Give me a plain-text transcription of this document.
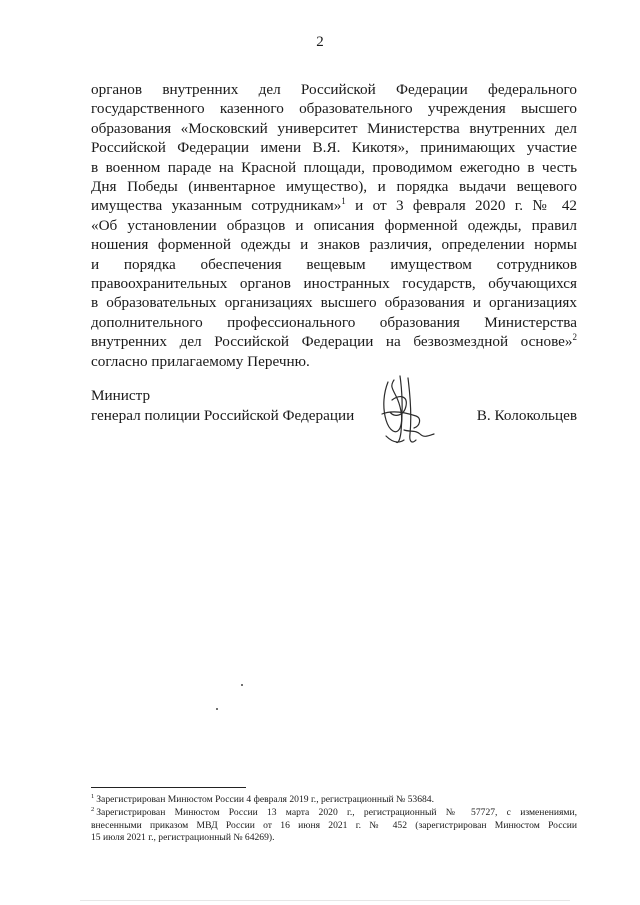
2
органов внутренних дел Российской Федерации федерального
государственного казенного образовательного учреждения высшего
образования «Московский университет Министерства внутренних дел
Российской Федерации имени В.Я. Кикотя», принимающих участие
в военном параде на Красной площади, проводимом ежегодно в честь
Дня Победы (инвентарное имущество), и порядка выдачи вещевого
имущества указанным сотрудникам»$^1$ и от 3 февраля 2020 г. № 42
«Об установлении образцов и описания форменной одежды, правил
ношения форменной одежды и знаков различия, определении нормы
и порядка обеспечения вещевым имуществом сотрудников
правоохранительных органов иностранных государств, обучающихся
в образовательных организациях высшего образования и организациях
дополнительного профессионального образования Министерства
внутренних дел Российской Федерации на безвозмездной основе»$^2$
согласно прилагаемому Перечню.
Министр
генерал полиции Российской Федерации	В. Колокольцев
$^1$ Зарегистрирован Минюстом России 4 февраля 2019 г., регистрационный № 53684.
$^2$ Зарегистрирован Минюстом России 13 марта 2020 г., регистрационный № 57727, с изменениями,
внесенными приказом МВД России от 16 июня 2021 г. № 452 (зарегистрирован Минюстом России
15 июля 2021 г., регистрационный № 64269).
